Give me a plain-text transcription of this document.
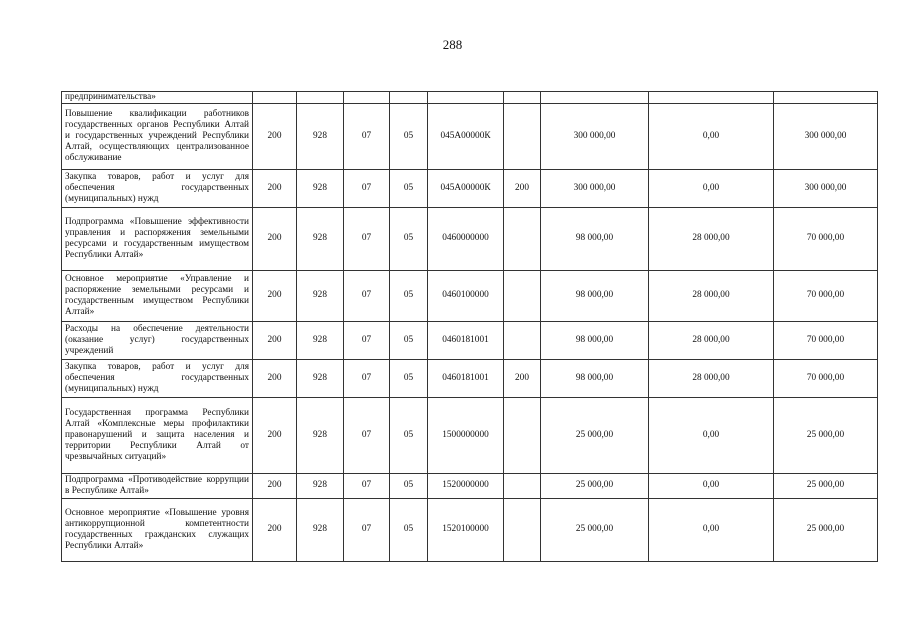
288
предпринимательства»									
Повышение квалификации работников государственных органов Республики Алтай и государственных учреждений Республики Алтай, осуществляющих централизованное обслуживание	200	928	07	05	045А00000К		300 000,00	0,00	300 000,00
Закупка товаров, работ и услуг для обеспечения государственных (муниципальных) нужд	200	928	07	05	045А00000К	200	300 000,00	0,00	300 000,00
Подпрограмма «Повышение эффективности управления и распоряжения земельными ресурсами и государственным имуществом Республики Алтай»	200	928	07	05	0460000000		98 000,00	28 000,00	70 000,00
Основное мероприятие «Управление и распоряжение земельными ресурсами и государственным имуществом Республики Алтай»	200	928	07	05	0460100000		98 000,00	28 000,00	70 000,00
Расходы на обеспечение деятельности (оказание услуг) государственных учреждений	200	928	07	05	0460181001		98 000,00	28 000,00	70 000,00
Закупка товаров, работ и услуг для обеспечения государственных (муниципальных) нужд	200	928	07	05	0460181001	200	98 000,00	28 000,00	70 000,00
Государственная программа Республики Алтай «Комплексные меры профилактики правонарушений и защита населения и территории Республики Алтай от чрезвычайных ситуаций»	200	928	07	05	1500000000		25 000,00	0,00	25 000,00
Подпрограмма «Противодействие коррупции в Республике Алтай»	200	928	07	05	1520000000		25 000,00	0,00	25 000,00
Основное мероприятие «Повышение уровня антикоррупционной компетентности государственных гражданских служащих Республики Алтай»	200	928	07	05	1520100000		25 000,00	0,00	25 000,00
